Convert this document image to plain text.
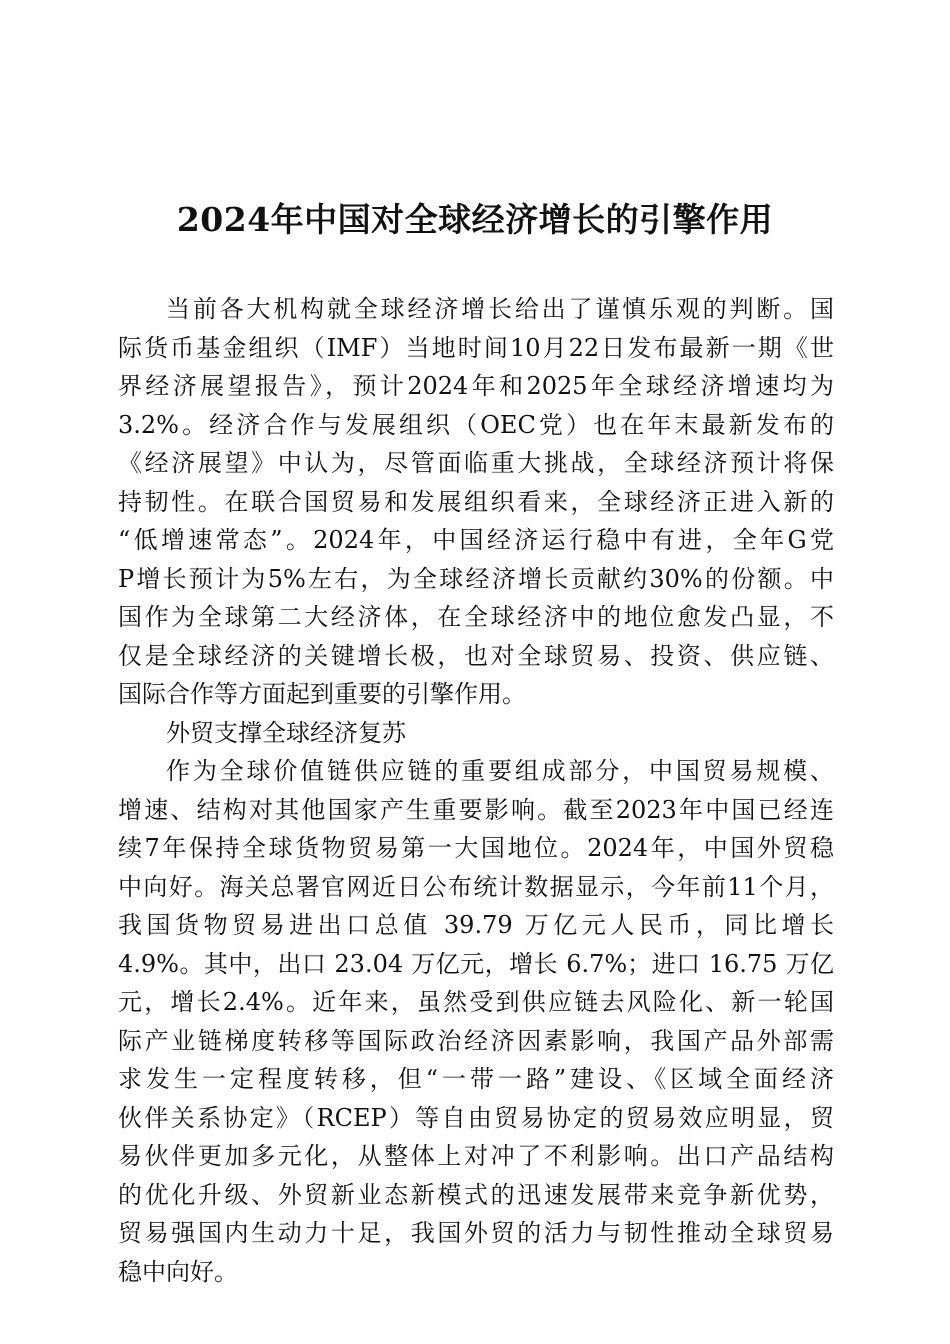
2024年中国对全球经济增长的引擎作用
当前各大机构就全球经济增长给出了谨慎乐观的判断。国
际货币基金组织（IMF）当地时间10月22日发布最新一期《世
界经济展望报告》，预计2024年和2025年全球经济增速均为
3.2%。经济合作与发展组织（OEC党）也在年末最新发布的
《经济展望》中认为，尽管面临重大挑战，全球经济预计将保
持韧性。在联合国贸易和发展组织看来，全球经济正进入新的
“低增速常态”。2024年，中国经济运行稳中有进，全年G党
P增长预计为5%左右，为全球经济增长贡献约30%的份额。中
国作为全球第二大经济体，在全球经济中的地位愈发凸显，不
仅是全球经济的关键增长极，也对全球贸易、投资、供应链、
国际合作等方面起到重要的引擎作用。
外贸支撑全球经济复苏
作为全球价值链供应链的重要组成部分，中国贸易规模、
增速、结构对其他国家产生重要影响。截至2023年中国已经连
续7年保持全球货物贸易第一大国地位。2024年，中国外贸稳
中向好。海关总署官网近日公布统计数据显示，今年前11个月，
我国货物贸易进出口总值 39.79 万亿元人民币，同比增长
4.9%。其中，出口 23.04 万亿元，增长 6.7%；进口 16.75 万亿
元，增长2.4%。近年来，虽然受到供应链去风险化、新一轮国
际产业链梯度转移等国际政治经济因素影响，我国产品外部需
求发生一定程度转移，但“一带一路”建设、《区域全面经济
伙伴关系协定》（RCEP）等自由贸易协定的贸易效应明显，贸
易伙伴更加多元化，从整体上对冲了不利影响。出口产品结构
的优化升级、外贸新业态新模式的迅速发展带来竞争新优势，
贸易强国内生动力十足，我国外贸的活力与韧性推动全球贸易
稳中向好。
